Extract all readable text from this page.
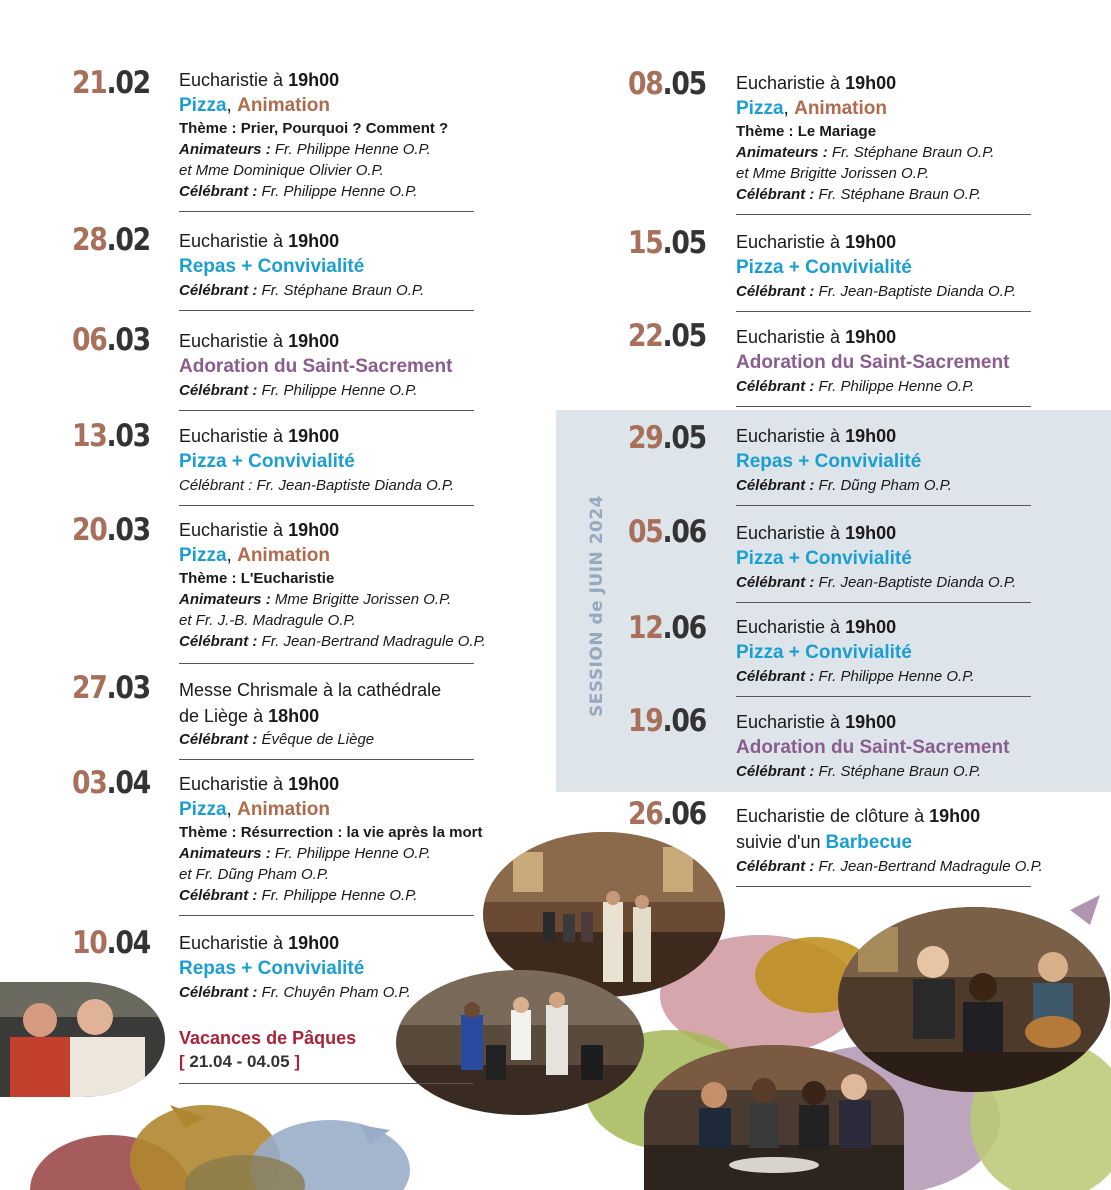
SESSION de JUIN 2024
21.02 Eucharistie à 19h00
Pizza, Animation
Thème : Prier, Pourquoi ? Comment ?
Animateurs : Fr. Philippe Henne O.P.
et Mme Dominique Olivier O.P.
Célébrant : Fr. Philippe Henne O.P.
28.02 Eucharistie à 19h00
Repas + Convivialité
Célébrant : Fr. Stéphane Braun O.P.
06.03 Eucharistie à 19h00
Adoration du Saint-Sacrement
Célébrant : Fr. Philippe Henne O.P.
13.03 Eucharistie à 19h00
Pizza + Convivialité
Célébrant : Fr. Jean-Baptiste Dianda O.P.
20.03 Eucharistie à 19h00
Pizza, Animation
Thème : L'Eucharistie
Animateurs : Mme Brigitte Jorissen O.P.
et Fr. J.-B. Madragule O.P.
Célébrant : Fr. Jean-Bertrand Madragule O.P.
27.03 Messe Chrismale à la cathédrale
de Liège à 18h00
Célébrant : Évêque de Liège
03.04 Eucharistie à 19h00
Pizza, Animation
Thème : Résurrection : la vie après la mort
Animateurs : Fr. Philippe Henne O.P.
et Fr. Dũng Pham O.P.
Célébrant : Fr. Philippe Henne O.P.
10.04 Eucharistie à 19h00
Repas + Convivialité
Célébrant : Fr. Chuyên Pham O.P.
Vacances de Pâques
[ 21.04 - 04.05 ]
08.05 Eucharistie à 19h00
Pizza, Animation
Thème : Le Mariage
Animateurs : Fr. Stéphane Braun O.P.
et Mme Brigitte Jorissen O.P.
Célébrant : Fr. Stéphane Braun O.P.
15.05 Eucharistie à 19h00
Pizza + Convivialité
Célébrant : Fr. Jean-Baptiste Dianda O.P.
22.05 Eucharistie à 19h00
Adoration du Saint-Sacrement
Célébrant : Fr. Philippe Henne O.P.
29.05 Eucharistie à 19h00
Repas + Convivialité
Célébrant : Fr. Dũng Pham O.P.
05.06 Eucharistie à 19h00
Pizza + Convivialité
Célébrant : Fr. Jean-Baptiste Dianda O.P.
12.06 Eucharistie à 19h00
Pizza + Convivialité
Célébrant : Fr. Philippe Henne O.P.
19.06 Eucharistie à 19h00
Adoration du Saint-Sacrement
Célébrant : Fr. Stéphane Braun O.P.
26.06 Eucharistie de clôture à 19h00
suivie d'un Barbecue
Célébrant : Fr. Jean-Bertrand Madragule O.P.
